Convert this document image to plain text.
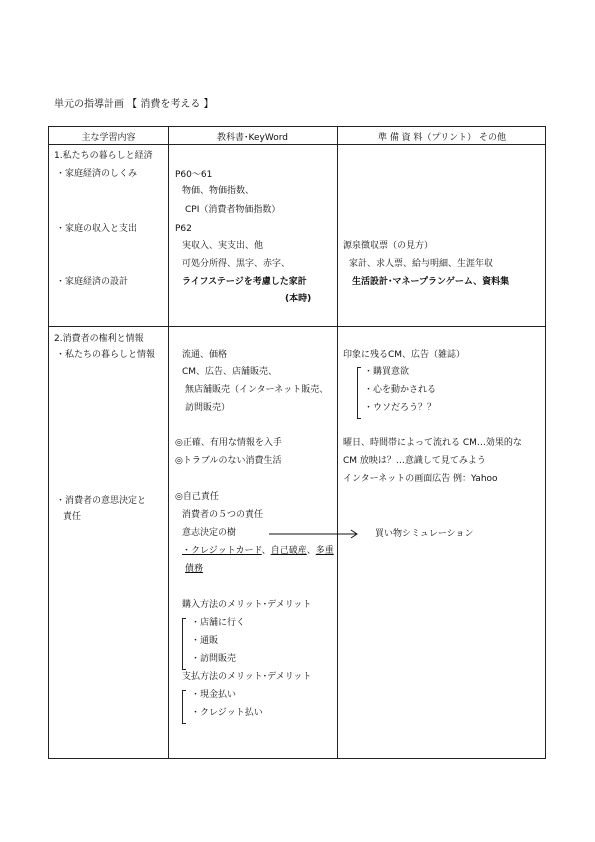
単元の指導計画 【 消費を考える 】
主な学習内容	教科書･KeyWord	準 備 資 料（プリント） その他
1.私たちの暮らしと経済
・家庭経済のしくみ
・家庭の収入と支出
・家庭経済の設計
2.消費者の権利と情報
・私たちの暮らしと情報
・消費者の意思決定と
責任
P60～61
物価、物価指数、
CPI（消費者物価指数）
P62
実収入、実支出、他
可処分所得、黒字、赤字、
ライフステージを考慮した家計
(本時)
流通、価格
CM、広告、店舗販売、
無店舗販売（インターネット販売、
訪問販売）
◎正確、有用な情報を入手
◎トラブルのない消費生活
◎自己責任
消費者の５つの責任
意志決定の樹
・クレジットカード、自己破産、多重
債務
購入方法のメリット･デメリット
・店舗に行く
・通販
・訪問販売
支払方法のメリット･デメリット
・現金払い
・クレジット払い
源泉徴収票（の見方）
家計、求人票、給与明細、生涯年収
生活設計･マネープランゲーム、資料集
印象に残るCM、広告（雑誌）
・購買意欲
・心を動かされる
・ウソだろう？？
曜日、時間帯によって流れる CM…効果的な
CM 放映は？…意識して見てみよう
インターネットの画面広告 例：Yahoo
買い物シミュレーション
